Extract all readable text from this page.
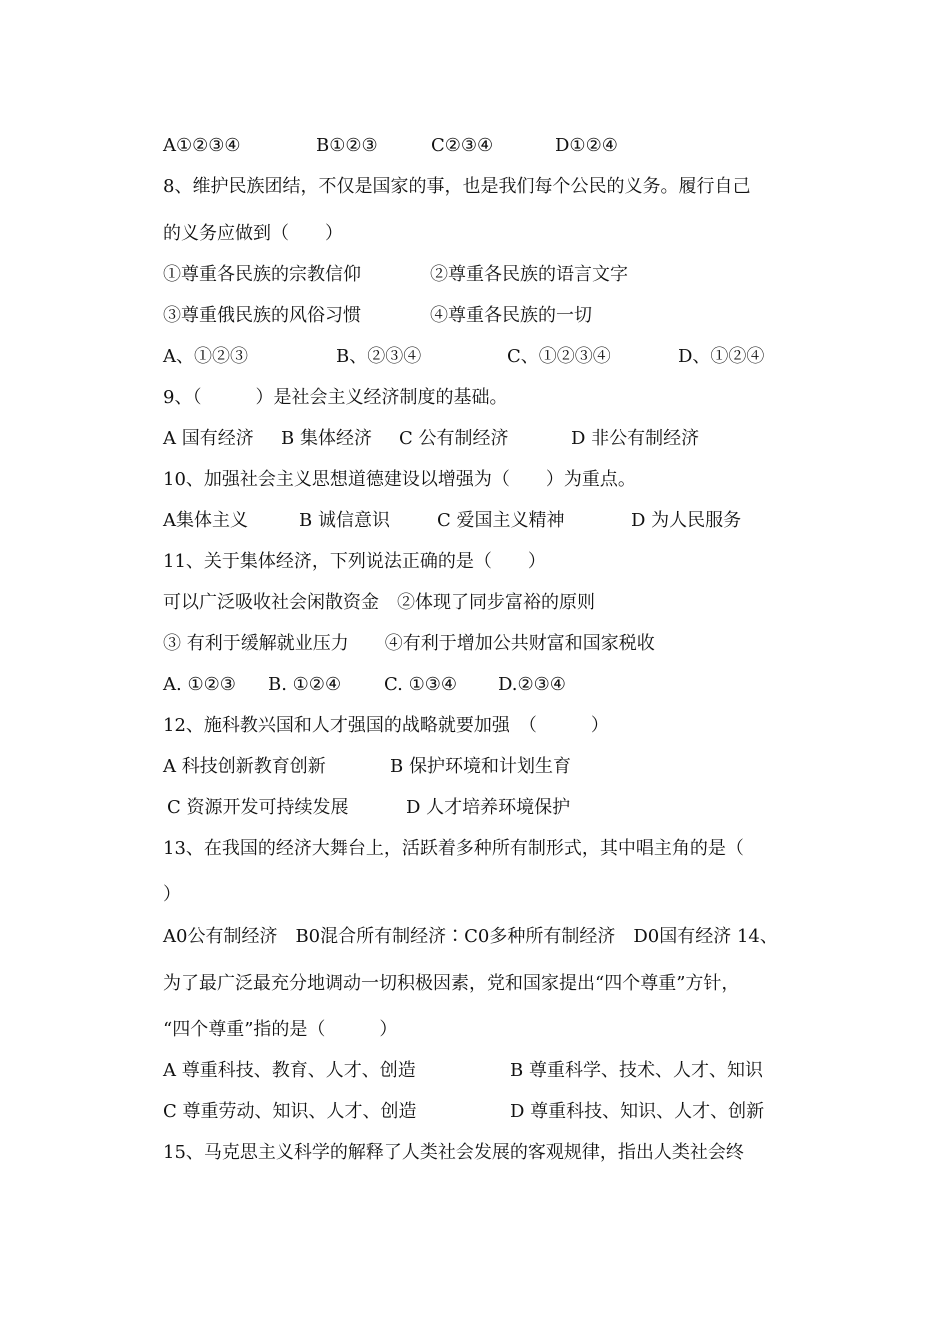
A①②③④	B①②③	C②③④	D①②④
8、维护民族团结，不仅是国家的事，也是我们每个公民的义务。履行自己
的义务应做到（　　）
①尊重各民族的宗教信仰	②尊重各民族的语言文字
③尊重俄民族的风俗习惯	④尊重各民族的一切
A、①②③	B、②③④	C、①②③④	D、①②④
9、（　　　）是社会主义经济制度的基础。
A 国有经济 B 集体经济 C 公有制经济	D 非公有制经济
10、加强社会主义思想道德建设以增强为（　　）为重点。
A集体主义	B 诚信意识	C 爱国主义精神	D 为人民服务
11、关于集体经济，下列说法正确的是（　　）
可以广泛吸收社会闲散资金　②体现了同步富裕的原则
③ 有利于缓解就业压力　　④有利于增加公共财富和国家税收
A. ①②③ B. ①②④ C. ①③④ D.②③④
12、施科教兴国和人才强国的战略就要加强　（　　　）
A 科技创新教育创新	B 保护环境和计划生育
C 资源开发可持续发展	D 人才培养环境保护
13、在我国的经济大舞台上，活跃着多种所有制形式，其中唱主角的是（
）
A0公有制经济　B0混合所有制经济∶C0多种所有制经济　D0国有经济 14、
为了最广泛最充分地调动一切积极因素，党和国家提出“四个尊重”方针，
“四个尊重”指的是（　　　）
A 尊重科技、教育、人才、创造	B 尊重科学、技术、人才、知识
C 尊重劳动、知识、人才、创造	D 尊重科技、知识、人才、创新
15、马克思主义科学的解释了人类社会发展的客观规律，指出人类社会终
